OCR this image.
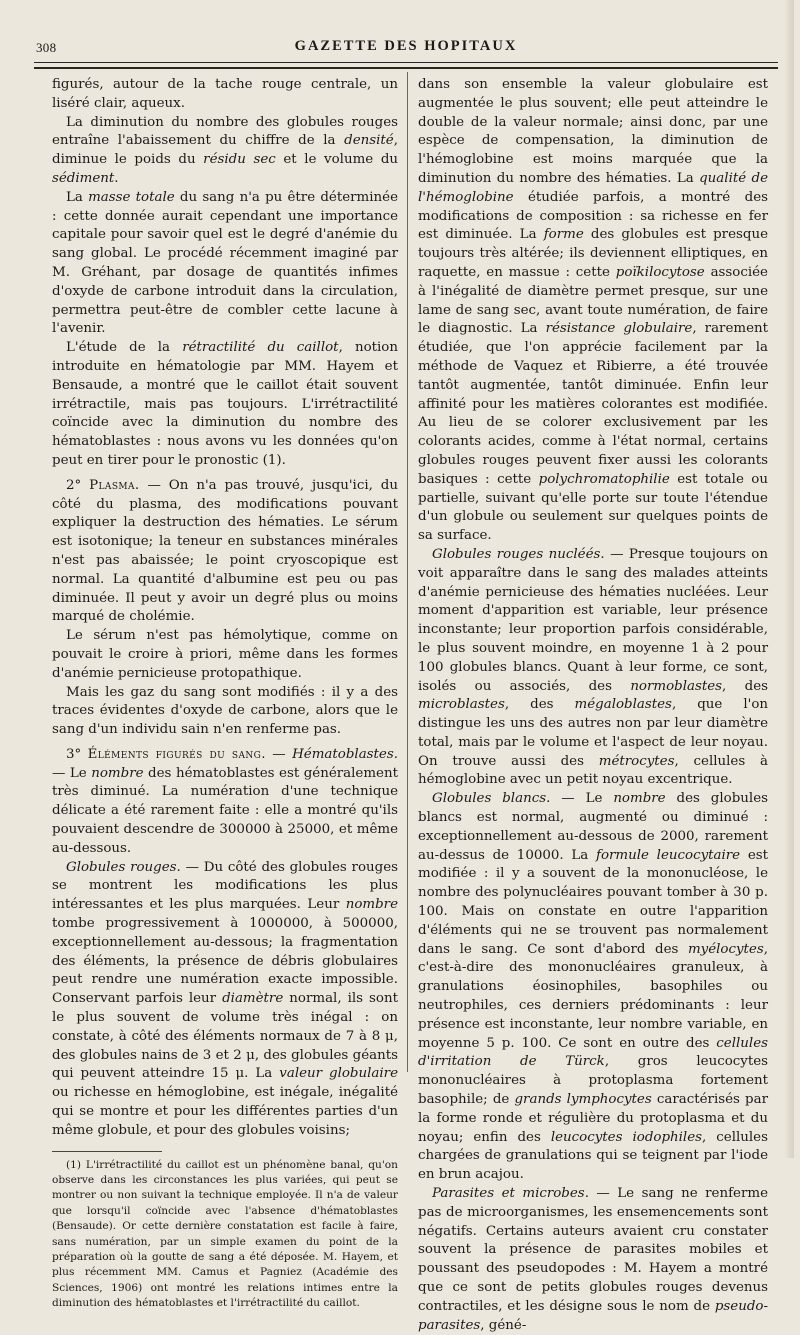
308	GAZETTE DES HOPITAUX

figurés, autour de la tache rouge centrale, un liséré clair, aqueux.

La diminution du nombre des globules rouges entraîne l'abaissement du chiffre de la densité, diminue le poids du résidu sec et le volume du sédiment.

La masse totale du sang n'a pu être déterminée : cette donnée aurait cependant une importance capitale pour savoir quel est le degré d'anémie du sang global. Le procédé récemment imaginé par M. Gréhant, par dosage de quantités infimes d'oxyde de carbone introduit dans la circulation, permettra peut-être de combler cette lacune à l'avenir.

L'étude de la rétractilité du caillot, notion introduite en hématologie par MM. Hayem et Bensaude, a montré que le caillot était souvent irrétractile, mais pas toujours. L'irrétractilité coïncide avec la diminution du nombre des hématoblastes : nous avons vu les données qu'on peut en tirer pour le pronostic (1).

2° Plasma. — On n'a pas trouvé, jusqu'ici, du côté du plasma, des modifications pouvant expliquer la destruction des hématies. Le sérum est isotonique; la teneur en substances minérales n'est pas abaissée; le point cryoscopique est normal. La quantité d'albumine est peu ou pas diminuée. Il peut y avoir un degré plus ou moins marqué de cholémie.

Le sérum n'est pas hémolytique, comme on pouvait le croire à priori, même dans les formes d'anémie pernicieuse protopathique.

Mais les gaz du sang sont modifiés : il y a des traces évidentes d'oxyde de carbone, alors que le sang d'un individu sain n'en renferme pas.

3° Éléments figurés du sang. — Hématoblastes. — Le nombre des hématoblastes est généralement très diminué. La numération d'une technique délicate a été rarement faite : elle a montré qu'ils pouvaient descendre de 300000 à 25000, et même au-dessous.

Globules rouges. — Du côté des globules rouges se montrent les modifications les plus intéressantes et les plus marquées. Leur nombre tombe progressivement à 1000000, à 500000, exceptionnellement au-dessous; la fragmentation des éléments, la présence de débris globulaires peut rendre une numération exacte impossible. Conservant parfois leur diamètre normal, ils sont le plus souvent de volume très inégal : on constate, à côté des éléments normaux de 7 à 8 μ, des globules nains de 3 et 2 μ, des globules géants qui peuvent atteindre 15 μ. La valeur globulaire ou richesse en hémoglobine, est inégale, inégalité qui se montre et pour les différentes parties d'un même globule, et pour des globules voisins;

(1) L'irrétractilité du caillot est un phénomène banal, qu'on observe dans les circonstances les plus variées, qui peut se montrer ou non suivant la technique employée. Il n'a de valeur que lorsqu'il coïncide avec l'absence d'hématoblastes (Bensaude). Or cette dernière constatation est facile à faire, sans numération, par un simple examen du point de la préparation où la goutte de sang a été déposée. M. Hayem, et plus récemment MM. Camus et Pagniez (Académie des Sciences, 1906) ont montré les relations intimes entre la diminution des hématoblastes et l'irrétractilité du caillot.

dans son ensemble la valeur globulaire est augmentée le plus souvent; elle peut atteindre le double de la valeur normale; ainsi donc, par une espèce de compensation, la diminution de l'hémoglobine est moins marquée que la diminution du nombre des hématies. La qualité de l'hémoglobine étudiée parfois, a montré des modifications de composition : sa richesse en fer est diminuée. La forme des globules est presque toujours très altérée; ils deviennent elliptiques, en raquette, en massue : cette poïkilocytose associée à l'inégalité de diamètre permet presque, sur une lame de sang sec, avant toute numération, de faire le diagnostic. La résistance globulaire, rarement étudiée, que l'on apprécie facilement par la méthode de Vaquez et Ribierre, a été trouvée tantôt augmentée, tantôt diminuée. Enfin leur affinité pour les matières colorantes est modifiée. Au lieu de se colorer exclusivement par les colorants acides, comme à l'état normal, certains globules rouges peuvent fixer aussi les colorants basiques : cette polychromatophilie est totale ou partielle, suivant qu'elle porte sur toute l'étendue d'un globule ou seulement sur quelques points de sa surface.

Globules rouges nucléés. — Presque toujours on voit apparaître dans le sang des malades atteints d'anémie pernicieuse des hématies nucléées. Leur moment d'apparition est variable, leur présence inconstante; leur proportion parfois considérable, le plus souvent moindre, en moyenne 1 à 2 pour 100 globules blancs. Quant à leur forme, ce sont, isolés ou associés, des normoblastes, des microblastes, des mégaloblastes, que l'on distingue les uns des autres non par leur diamètre total, mais par le volume et l'aspect de leur noyau. On trouve aussi des métrocytes, cellules à hémoglobine avec un petit noyau excentrique.

Globules blancs. — Le nombre des globules blancs est normal, augmenté ou diminué : exceptionnellement au-dessous de 2000, rarement au-dessus de 10000. La formule leucocytaire est modifiée : il y a souvent de la mononucléose, le nombre des polynucléaires pouvant tomber à 30 p. 100. Mais on constate en outre l'apparition d'éléments qui ne se trouvent pas normalement dans le sang. Ce sont d'abord des myélocytes, c'est-à-dire des mononucléaires granuleux, à granulations éosinophiles, basophiles ou neutrophiles, ces derniers prédominants : leur présence est inconstante, leur nombre variable, en moyenne 5 p. 100. Ce sont en outre des cellules d'irritation de Türck, gros leucocytes mononucléaires à protoplasma fortement basophile; de grands lymphocytes caractérisés par la forme ronde et régulière du protoplasma et du noyau; enfin des leucocytes iodophiles, cellules chargées de granulations qui se teignent par l'iode en brun acajou.

Parasites et microbes. — Le sang ne renferme pas de microorganismes, les ensemencements sont négatifs. Certains auteurs avaient cru constater souvent la présence de parasites mobiles et poussant des pseudopodes : M. Hayem a montré que ce sont de petits globules rouges devenus contractiles, et les désigne sous le nom de pseudo-parasites, géné-
